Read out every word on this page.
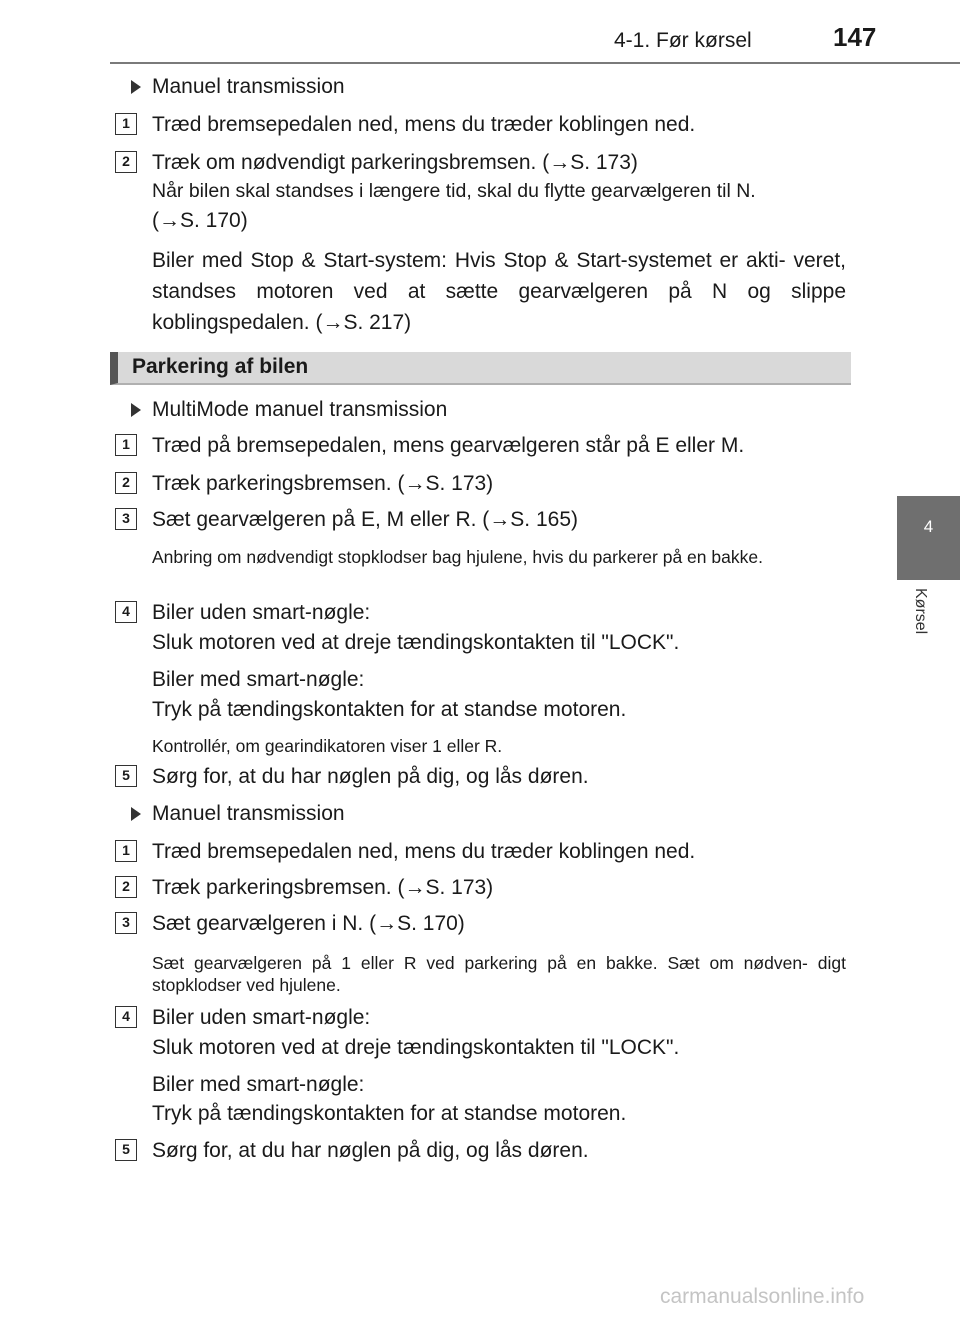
4-1. Før kørsel	147
4
Kørsel
Manuel transmission
1	Træd bremsepedalen ned, mens du træder koblingen ned.
2	Træk om nødvendigt parkeringsbremsen. (→S. 173)
Når bilen skal standses i længere tid, skal du flytte gearvælgeren til N.
(→S. 170)
Biler med Stop & Start-system: Hvis Stop & Start-systemet er akti- veret, standses motoren ved at sætte gearvælgeren på N og slippe koblingspedalen. (→S. 217)
Parkering af bilen
MultiMode manuel transmission
1	Træd på bremsepedalen, mens gearvælgeren står på E eller M.
2	Træk parkeringsbremsen. (→S. 173)
3	Sæt gearvælgeren på E, M eller R. (→S. 165)
Anbring om nødvendigt stopklodser bag hjulene, hvis du parkerer på en bakke.
4	Biler uden smart-nøgle:
Sluk motoren ved at dreje tændingskontakten til "LOCK".
Biler med smart-nøgle:
Tryk på tændingskontakten for at standse motoren.
Kontrollér, om gearindikatoren viser 1 eller R.
5	Sørg for, at du har nøglen på dig, og lås døren.
Manuel transmission
1	Træd bremsepedalen ned, mens du træder koblingen ned.
2	Træk parkeringsbremsen. (→S. 173)
3	Sæt gearvælgeren i N. (→S. 170)
Sæt gearvælgeren på 1 eller R ved parkering på en bakke. Sæt om nødven- digt stopklodser ved hjulene.
4	Biler uden smart-nøgle:
Sluk motoren ved at dreje tændingskontakten til "LOCK".
Biler med smart-nøgle:
Tryk på tændingskontakten for at standse motoren.
5	Sørg for, at du har nøglen på dig, og lås døren.
carmanualsonline.info
